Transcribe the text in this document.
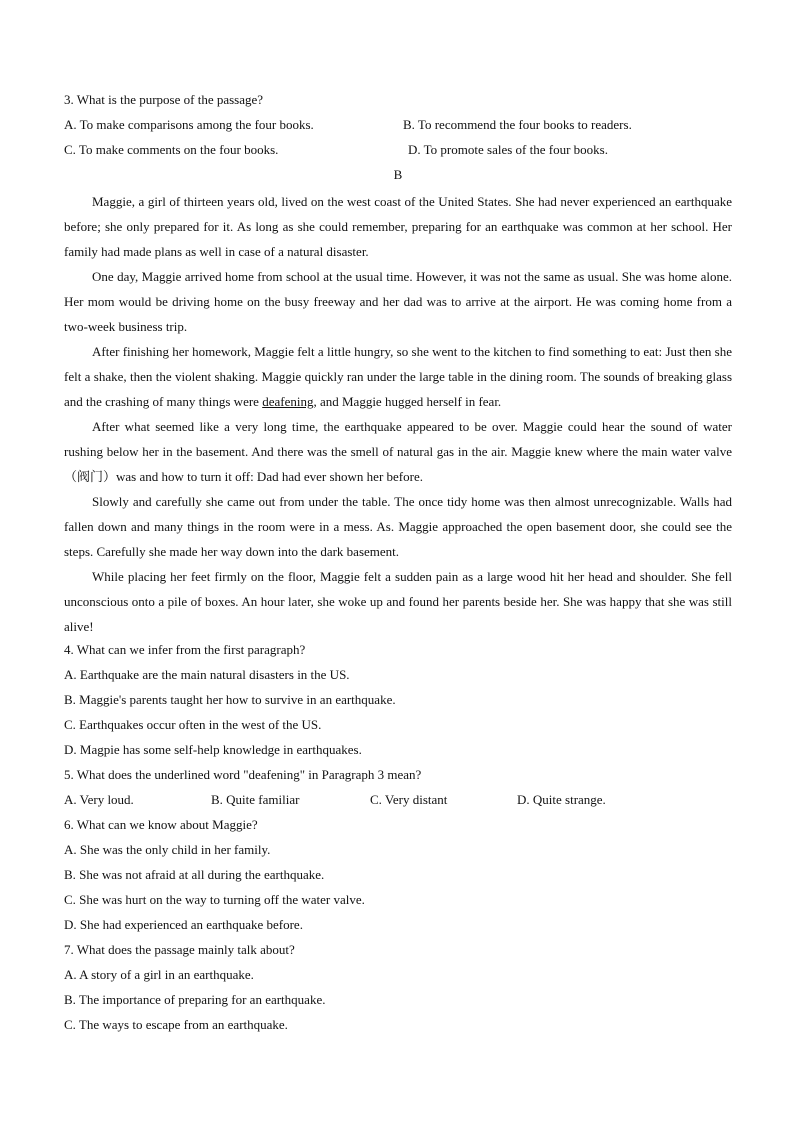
3. What is the purpose of the passage?
A. To make comparisons among the four books.	B. To recommend the four books to readers.
C. To make comments on the four books.	D. To promote sales of the four books.
B

Maggie, a girl of thirteen years old, lived on the west coast of the United States. She had never experienced an earthquake before; she only prepared for it. As long as she could remember, preparing for an earthquake was common at her school. Her family had made plans as well in case of a natural disaster.

One day, Maggie arrived home from school at the usual time. However, it was not the same as usual. She was home alone. Her mom would be driving home on the busy freeway and her dad was to arrive at the airport. He was coming home from a two-week business trip.

After finishing her homework, Maggie felt a little hungry, so she went to the kitchen to find something to eat: Just then she felt a shake, then the violent shaking. Maggie quickly ran under the large table in the dining room. The sounds of breaking glass and the crashing of many things were deafening, and Maggie hugged herself in fear.

After what seemed like a very long time, the earthquake appeared to be over. Maggie could hear the sound of water rushing below her in the basement. And there was the smell of natural gas in the air. Maggie knew where the main water valve（阀门）was and how to turn it off: Dad had ever shown her before.

Slowly and carefully she came out from under the table. The once tidy home was then almost unrecognizable. Walls had fallen down and many things in the room were in a mess. As. Maggie approached the open basement door, she could see the steps. Carefully she made her way down into the dark basement.

While placing her feet firmly on the floor, Maggie felt a sudden pain as a large wood hit her head and shoulder. She fell unconscious onto a pile of boxes. An hour later, she woke up and found her parents beside her. She was happy that she was still alive!

4. What can we infer from the first paragraph?
A. Earthquake are the main natural disasters in the US.
B. Maggie's parents taught her how to survive in an earthquake.
C. Earthquakes occur often in the west of the US.
D. Magpie has some self-help knowledge in earthquakes.
5. What does the underlined word "deafening" in Paragraph 3 mean?
A. Very loud.	B. Quite familiar	C. Very distant	D. Quite strange.
6. What can we know about Maggie?
A. She was the only child in her family.
B. She was not afraid at all during the earthquake.
C. She was hurt on the way to turning off the water valve.
D. She had experienced an earthquake before.
7. What does the passage mainly talk about?
A. A story of a girl in an earthquake.
B. The importance of preparing for an earthquake.
C. The ways to escape from an earthquake.
